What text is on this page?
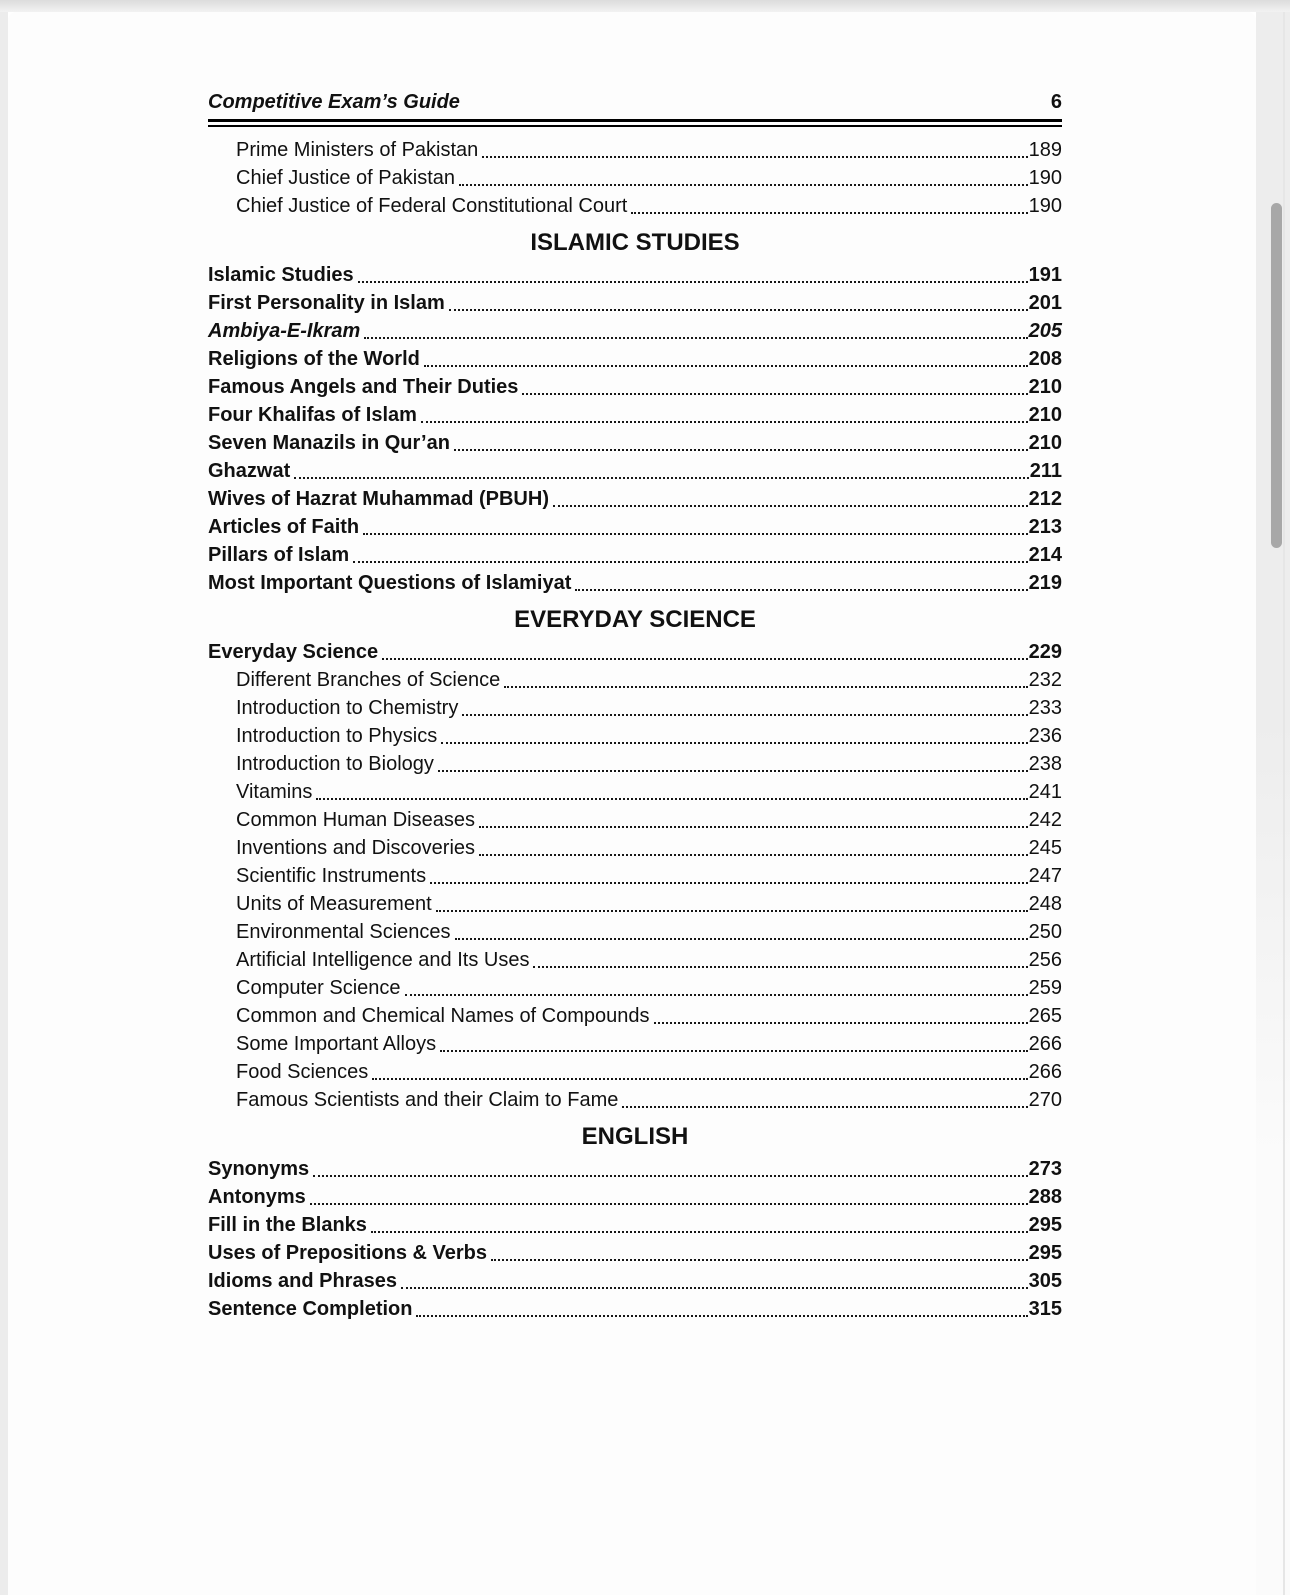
Competitive Exam’s Guide	6
Prime Ministers of Pakistan	189
Chief Justice of Pakistan	190
Chief Justice of Federal Constitutional Court	190
ISLAMIC STUDIES
Islamic Studies	191
First Personality in Islam	201
Ambiya-E-Ikram	205
Religions of the World	208
Famous Angels and Their Duties	210
Four Khalifas of Islam	210
Seven Manazils in Qur’an	210
Ghazwat	211
Wives of Hazrat Muhammad (PBUH)	212
Articles of Faith	213
Pillars of Islam	214
Most Important Questions of Islamiyat	219
EVERYDAY SCIENCE
Everyday Science	229
Different Branches of Science	232
Introduction to Chemistry	233
Introduction to Physics	236
Introduction to Biology	238
Vitamins	241
Common Human Diseases	242
Inventions and Discoveries	245
Scientific Instruments	247
Units of Measurement	248
Environmental Sciences	250
Artificial Intelligence and Its Uses	256
Computer Science	259
Common and Chemical Names of Compounds	265
Some Important Alloys	266
Food Sciences	266
Famous Scientists and their Claim to Fame	270
ENGLISH
Synonyms	273
Antonyms	288
Fill in the Blanks	295
Uses of Prepositions & Verbs	295
Idioms and Phrases	305
Sentence Completion	315
